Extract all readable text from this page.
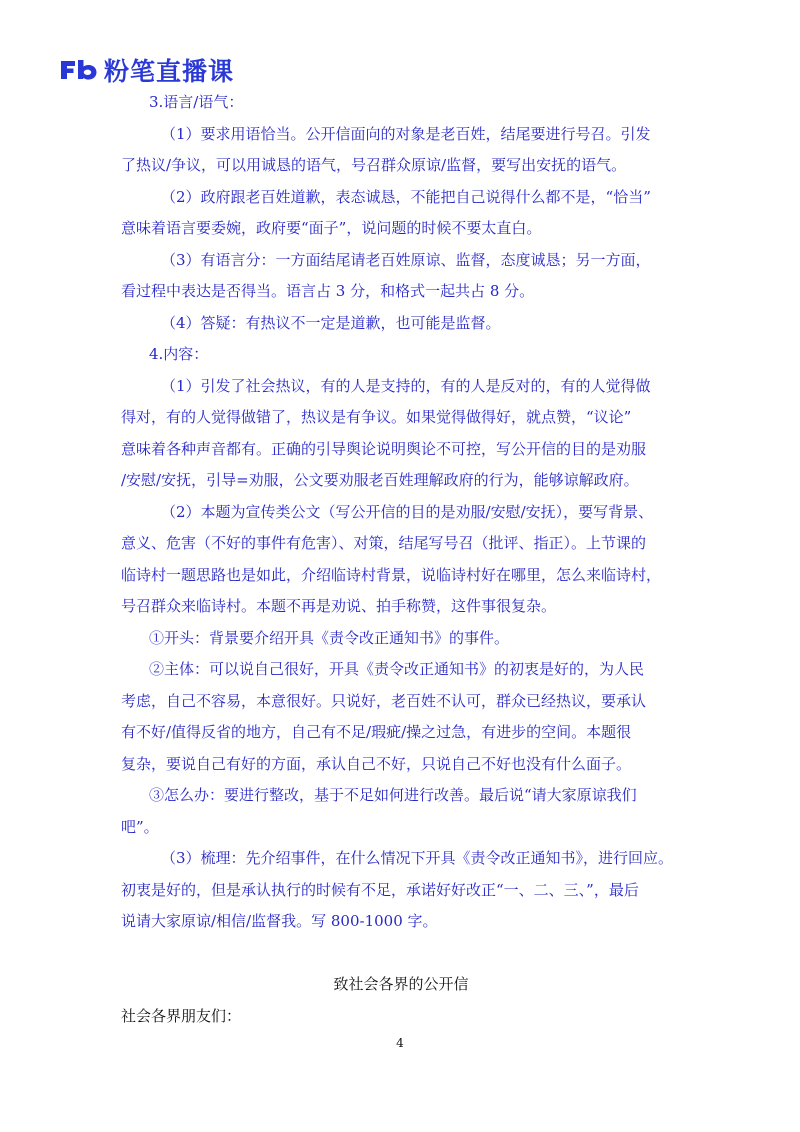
粉笔直播课
3.语言/语气：
（1）要求用语恰当。公开信面向的对象是老百姓，结尾要进行号召。引发
了热议/争议，可以用诚恳的语气，号召群众原谅/监督，要写出安抚的语气。
（2）政府跟老百姓道歉，表态诚恳，不能把自己说得什么都不是，“恰当”
意味着语言要委婉，政府要“面子”，说问题的时候不要太直白。
（3）有语言分：一方面结尾请老百姓原谅、监督，态度诚恳；另一方面，
看过程中表达是否得当。语言占 3 分，和格式一起共占 8 分。
（4）答疑：有热议不一定是道歉，也可能是监督。
4.内容：
（1）引发了社会热议，有的人是支持的，有的人是反对的，有的人觉得做
得对，有的人觉得做错了，热议是有争议。如果觉得做得好，就点赞，“议论”
意味着各种声音都有。正确的引导舆论说明舆论不可控，写公开信的目的是劝服
/安慰/安抚，引导=劝服，公文要劝服老百姓理解政府的行为，能够谅解政府。
（2）本题为宣传类公文（写公开信的目的是劝服/安慰/安抚），要写背景、
意义、危害（不好的事件有危害）、对策，结尾写号召（批评、指正）。上节课的
临诗村一题思路也是如此，介绍临诗村背景，说临诗村好在哪里，怎么来临诗村，
号召群众来临诗村。本题不再是劝说、拍手称赞，这件事很复杂。
①开头：背景要介绍开具《责令改正通知书》的事件。
②主体：可以说自己很好，开具《责令改正通知书》的初衷是好的，为人民
考虑，自己不容易，本意很好。只说好，老百姓不认可，群众已经热议，要承认
有不好/值得反省的地方，自己有不足/瑕疵/操之过急，有进步的空间。本题很
复杂，要说自己有好的方面，承认自己不好，只说自己不好也没有什么面子。
③怎么办：要进行整改，基于不足如何进行改善。最后说“请大家原谅我们
吧”。
（3）梳理：先介绍事件，在什么情况下开具《责令改正通知书》，进行回应。
初衷是好的，但是承认执行的时候有不足，承诺好好改正“一、二、三、”，最后
说请大家原谅/相信/监督我。写 800-1000 字。
致社会各界的公开信
社会各界朋友们：
4
